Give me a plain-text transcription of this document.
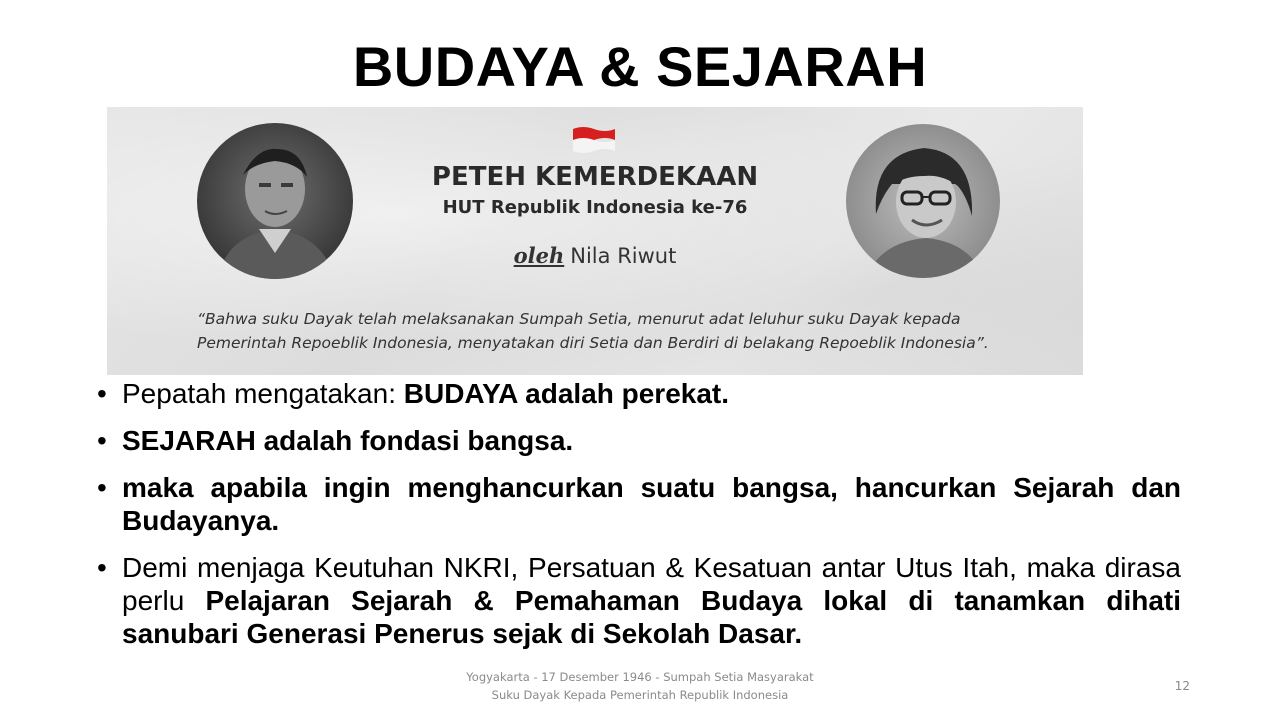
BUDAYA & SEJARAH
PETEH KEMERDEKAAN
HUT Republik Indonesia ke-76
oleh Nila Riwut
“Bahwa suku Dayak telah melaksanakan Sumpah Setia, menurut adat leluhur suku Dayak kepada Pemerintah Repoeblik Indonesia, menyatakan diri Setia dan Berdiri di belakang Repoeblik Indonesia”.
• Pepatah mengatakan: BUDAYA adalah perekat.
• SEJARAH adalah fondasi bangsa.
• maka apabila ingin menghancurkan suatu bangsa, hancurkan Sejarah dan Budayanya.
• Demi menjaga Keutuhan NKRI, Persatuan & Kesatuan antar Utus Itah, maka dirasa perlu Pelajaran Sejarah & Pemahaman Budaya lokal di tanamkan dihati sanubari Generasi Penerus sejak di Sekolah Dasar.
Yogyakarta - 17 Desember 1946 - Sumpah Setia Masyarakat
Suku Dayak Kepada Pemerintah Republik Indonesia
12
